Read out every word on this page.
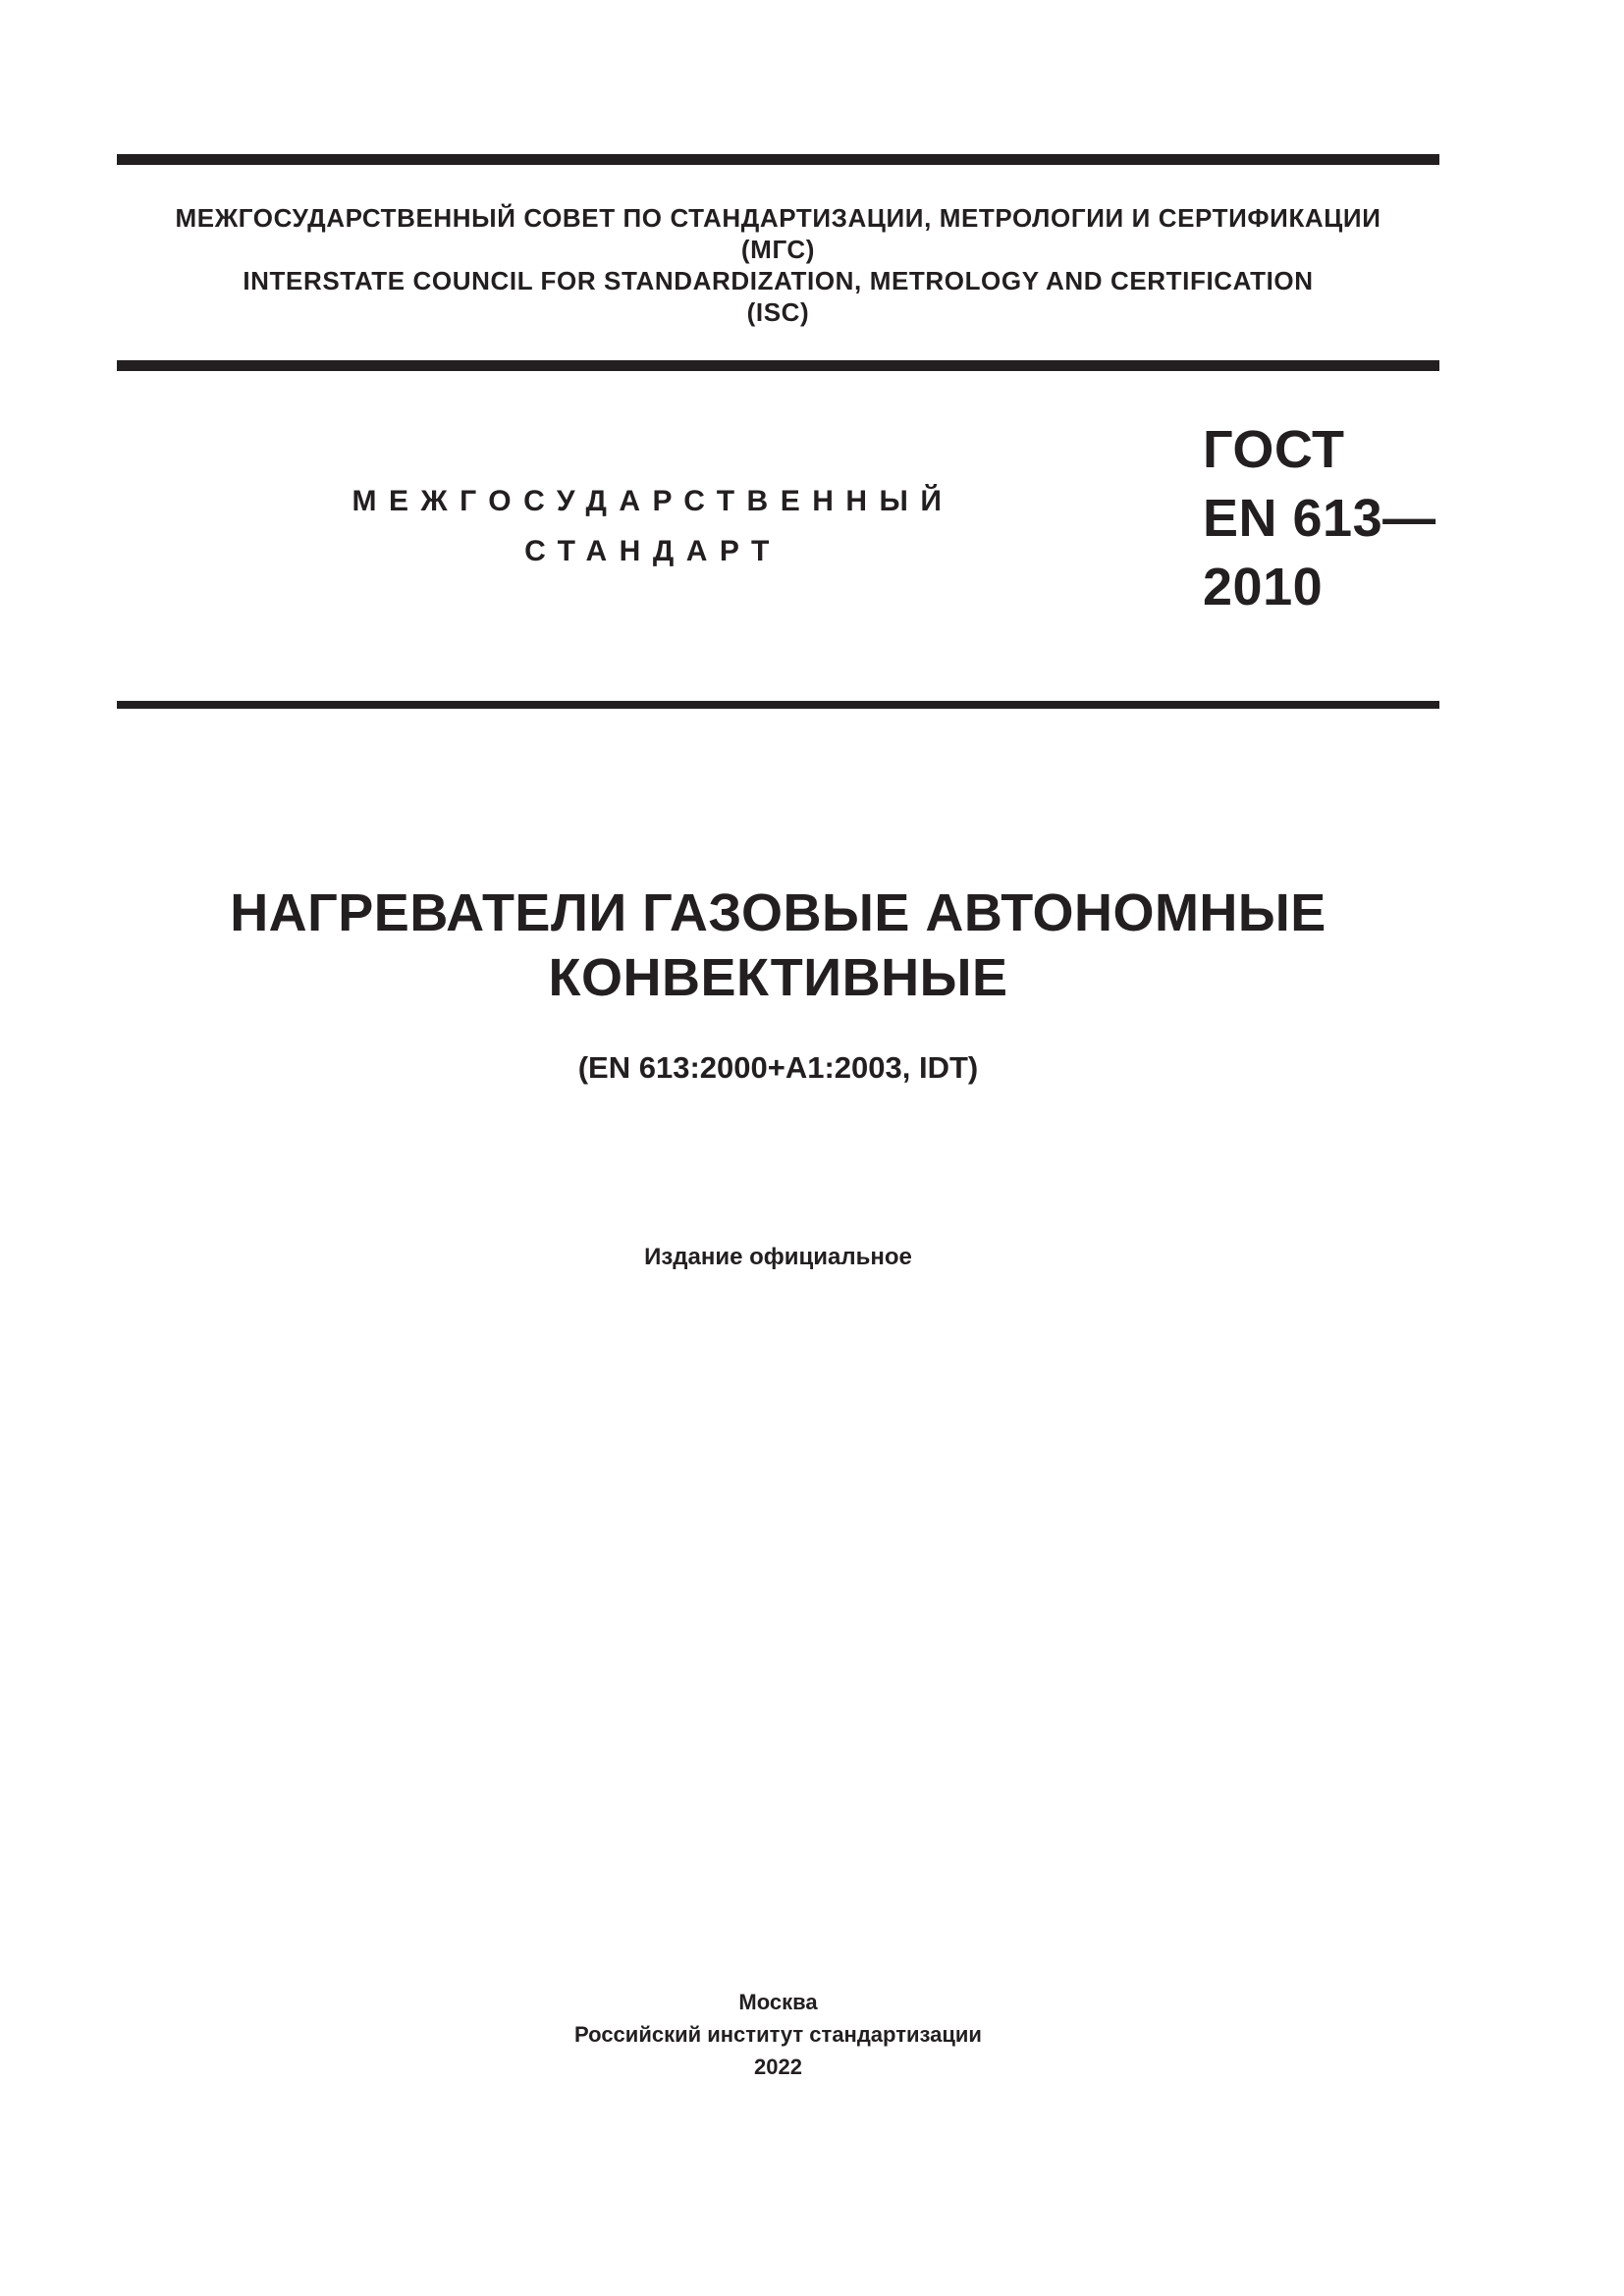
МЕЖГОСУДАРСТВЕННЫЙ СОВЕТ ПО СТАНДАРТИЗАЦИИ, МЕТРОЛОГИИ И СЕРТИФИКАЦИИ
(МГС)
INTERSTATE COUNCIL FOR STANDARDIZATION, METROLOGY AND CERTIFICATION
(ISC)
МЕЖГОСУДАРСТВЕННЫЙ
СТАНДАРТ
ГОСТ
EN 613—
2010
НАГРЕВАТЕЛИ ГАЗОВЫЕ АВТОНОМНЫЕ
КОНВЕКТИВНЫЕ
(EN 613:2000+A1:2003, IDT)
Издание официальное
Москва
Российский институт стандартизации
2022
